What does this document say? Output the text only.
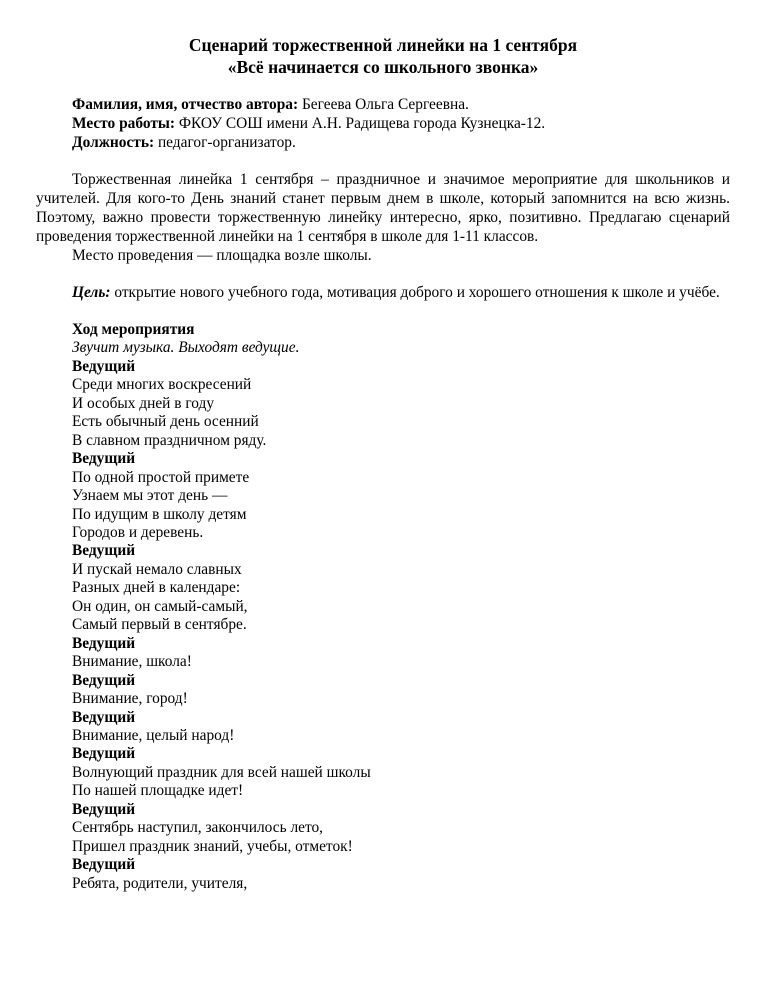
Сценарий торжественной линейки на 1 сентября
«Всё начинается со школьного звонка»

Фамилия, имя, отчество автора: Бегеева Ольга Сергеевна.

Место работы: ФКОУ СОШ имени А.Н. Радищева города Кузнецка-12.

Должность: педагог-организатор.

Торжественная линейка 1 сентября – праздничное и значимое мероприятие для школьников и учителей. Для кого-то День знаний станет первым днем в школе, который запомнится на всю жизнь. Поэтому, важно провести торжественную линейку интересно, ярко, позитивно. Предлагаю сценарий проведения торжественной линейки на 1 сентября в школе для 1-11 классов.

Место проведения — площадка возле школы.

Цель: открытие нового учебного года, мотивация доброго и хорошего отношения к школе и учёбе.

Ход мероприятия

Звучит музыка. Выходят ведущие.

Ведущий

Среди многих воскресений

И особых дней в году

Есть обычный день осенний

В славном праздничном ряду.

Ведущий

По одной простой примете

Узнаем мы этот день —

По идущим в школу детям

Городов и деревень.

Ведущий

И пускай немало славных

Разных дней в календаре:

Он один, он самый-самый,

Самый первый в сентябре.

Ведущий

Внимание, школа!

Ведущий

Внимание, город!

Ведущий

Внимание, целый народ!

Ведущий

Волнующий праздник для всей нашей школы

По нашей площадке идет!

Ведущий

Сентябрь наступил, закончилось лето,

Пришел праздник знаний, учебы, отметок!

Ведущий

Ребята, родители, учителя,
